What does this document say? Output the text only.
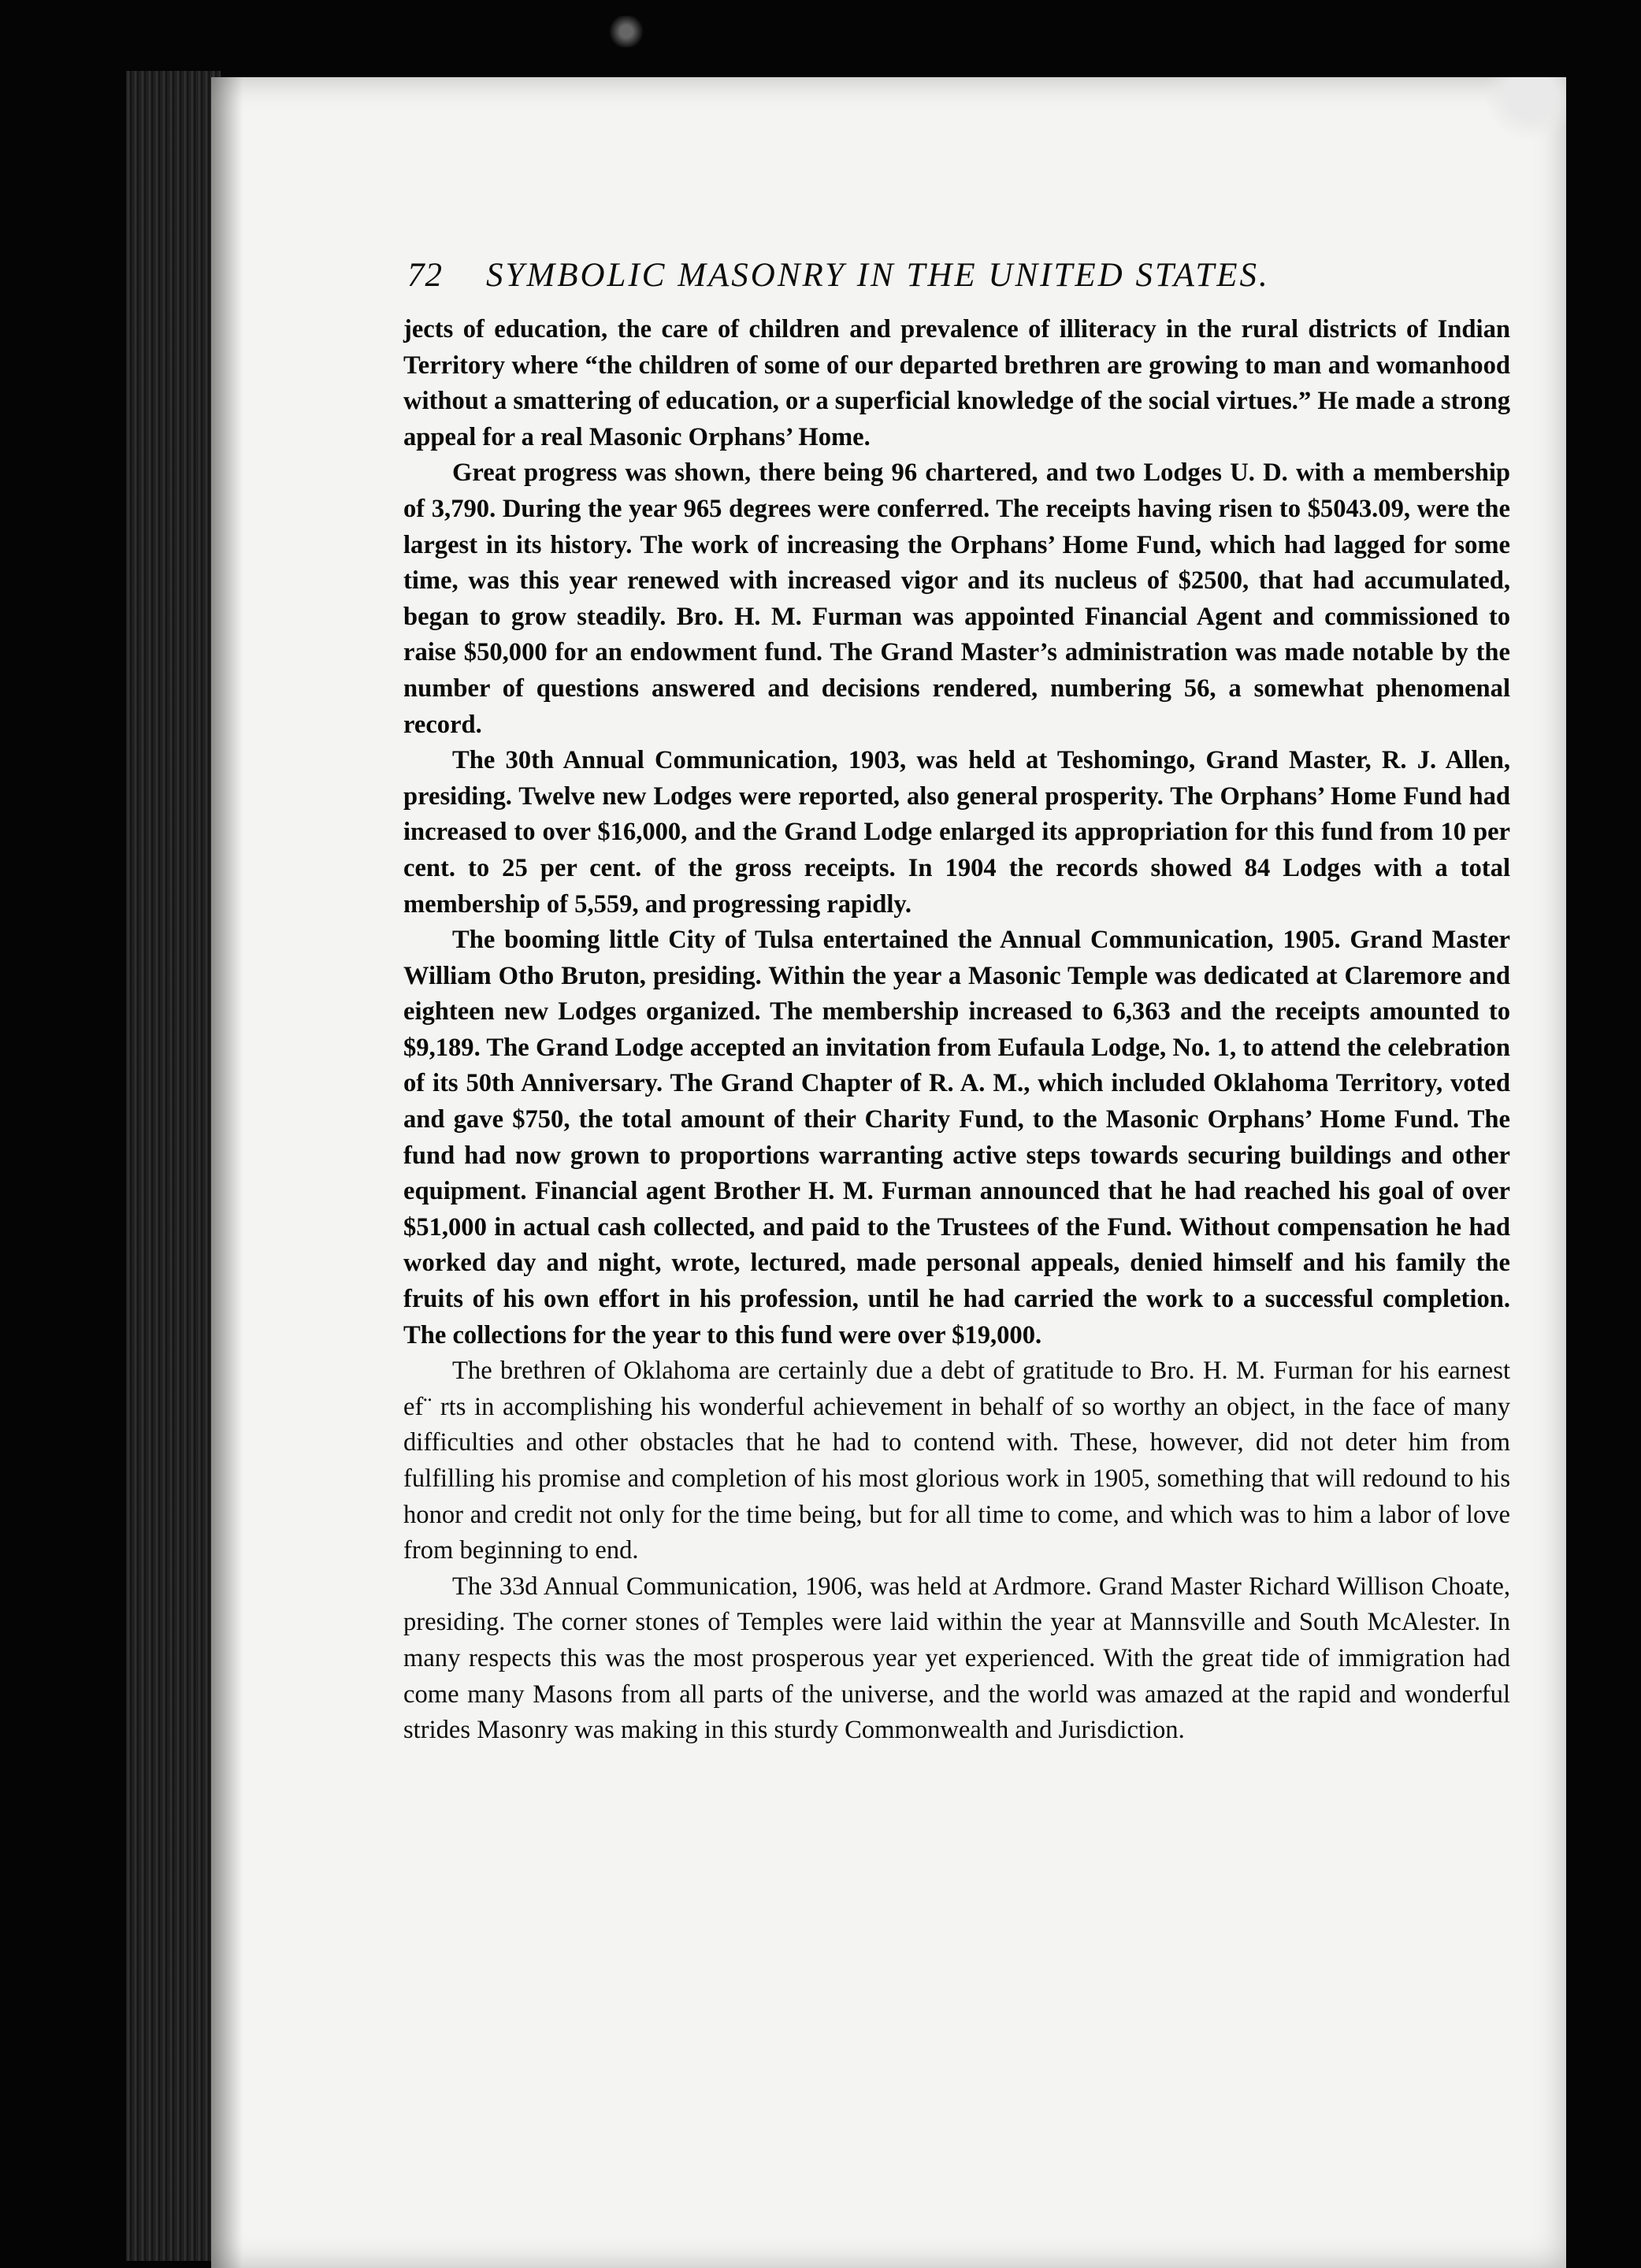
72 SYMBOLIC MASONRY IN THE UNITED STATES.

jects of education, the care of children and prevalence of illiteracy in the rural districts of Indian Territory where “the children of some of our departed brethren are growing to man and womanhood without a smattering of education, or a superficial knowledge of the social virtues.” He made a strong appeal for a real Masonic Orphans’ Home.

Great progress was shown, there being 96 chartered, and two Lodges U. D. with a membership of 3,790. During the year 965 degrees were conferred. The receipts having risen to $5043.09, were the largest in its history. The work of increasing the Orphans’ Home Fund, which had lagged for some time, was this year renewed with increased vigor and its nucleus of $2500, that had accumulated, began to grow steadily. Bro. H. M. Furman was appointed Financial Agent and commissioned to raise $50,000 for an endowment fund. The Grand Master’s administration was made notable by the number of questions answered and decisions rendered, numbering 56, a somewhat phenomenal record.

The 30th Annual Communication, 1903, was held at Teshomingo, Grand Master, R. J. Allen, presiding. Twelve new Lodges were reported, also general prosperity. The Orphans’ Home Fund had increased to over $16,000, and the Grand Lodge enlarged its appropriation for this fund from 10 per cent. to 25 per cent. of the gross receipts. In 1904 the records showed 84 Lodges with a total membership of 5,559, and progressing rapidly.

The booming little City of Tulsa entertained the Annual Communication, 1905. Grand Master William Otho Bruton, presiding. Within the year a Masonic Temple was dedicated at Claremore and eighteen new Lodges organized. The membership increased to 6,363 and the receipts amounted to $9,189. The Grand Lodge accepted an invitation from Eufaula Lodge, No. 1, to attend the celebration of its 50th Anniversary. The Grand Chapter of R. A. M., which included Oklahoma Territory, voted and gave $750, the total amount of their Charity Fund, to the Masonic Orphans’ Home Fund. The fund had now grown to proportions warranting active steps towards securing buildings and other equipment. Financial agent Brother H. M. Furman announced that he had reached his goal of over $51,000 in actual cash collected, and paid to the Trustees of the Fund. Without compensation he had worked day and night, wrote, lectured, made personal appeals, denied himself and his family the fruits of his own effort in his profession, until he had carried the work to a successful completion. The collections for the year to this fund were over $19,000.

The brethren of Oklahoma are certainly due a debt of gratitude to Bro. H. M. Furman for his earnest ef¨ rts in accomplishing his wonderful achievement in behalf of so worthy an object, in the face of many difficulties and other obstacles that he had to contend with. These, however, did not deter him from fulfilling his promise and completion of his most glorious work in 1905, something that will redound to his honor and credit not only for the time being, but for all time to come, and which was to him a labor of love from beginning to end.

The 33d Annual Communication, 1906, was held at Ardmore. Grand Master Richard Willison Choate, presiding. The corner stones of Temples were laid within the year at Mannsville and South McAlester. In many respects this was the most prosperous year yet experienced. With the great tide of immigration had come many Masons from all parts of the universe, and the world was amazed at the rapid and wonderful strides Masonry was making in this sturdy Commonwealth and Jurisdiction.
